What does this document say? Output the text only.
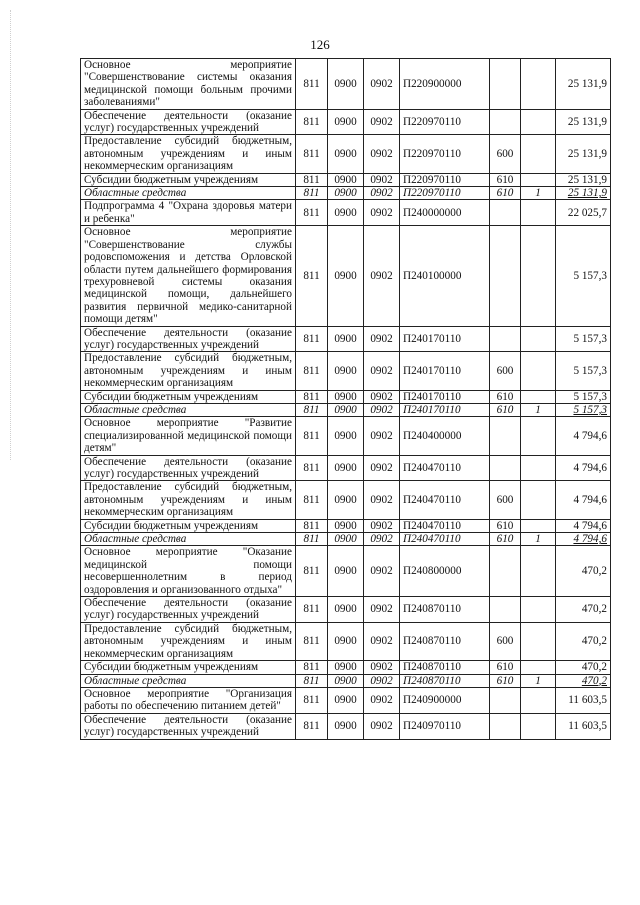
126
Основное мероприятие "Совершенствование системы оказания медицинской помощи больным прочими заболеваниями"	811	0900	0902	П220900000			25 131,9
Обеспечение деятельности (оказание услуг) государственных учреждений	811	0900	0902	П220970110			25 131,9
Предоставление субсидий бюджетным, автономным учреждениям и иным некоммерческим организациям	811	0900	0902	П220970110	600		25 131,9
Субсидии бюджетным учреждениям	811	0900	0902	П220970110	610		25 131,9
Областные средства	811	0900	0902	П220970110	610	1	25 131,9
Подпрограмма 4 "Охрана здоровья матери и ребенка"	811	0900	0902	П240000000			22 025,7
Основное мероприятие "Совершенствование службы родовспоможения и детства Орловской области путем дальнейшего формирования трехуровневой системы оказания медицинской помощи, дальнейшего развития первичной медико-санитарной помощи детям"	811	0900	0902	П240100000			5 157,3
Обеспечение деятельности (оказание услуг) государственных учреждений	811	0900	0902	П240170110			5 157,3
Предоставление субсидий бюджетным, автономным учреждениям и иным некоммерческим организациям	811	0900	0902	П240170110	600		5 157,3
Субсидии бюджетным учреждениям	811	0900	0902	П240170110	610		5 157,3
Областные средства	811	0900	0902	П240170110	610	1	5 157,3
Основное мероприятие "Развитие специализированной медицинской помощи детям"	811	0900	0902	П240400000			4 794,6
Обеспечение деятельности (оказание услуг) государственных учреждений	811	0900	0902	П240470110			4 794,6
Предоставление субсидий бюджетным, автономным учреждениям и иным некоммерческим организациям	811	0900	0902	П240470110	600		4 794,6
Субсидии бюджетным учреждениям	811	0900	0902	П240470110	610		4 794,6
Областные средства	811	0900	0902	П240470110	610	1	4 794,6
Основное мероприятие "Оказание медицинской помощи несовершеннолетним в период оздоровления и организованного отдыха"	811	0900	0902	П240800000			470,2
Обеспечение деятельности (оказание услуг) государственных учреждений	811	0900	0902	П240870110			470,2
Предоставление субсидий бюджетным, автономным учреждениям и иным некоммерческим организациям	811	0900	0902	П240870110	600		470,2
Субсидии бюджетным учреждениям	811	0900	0902	П240870110	610		470,2
Областные средства	811	0900	0902	П240870110	610	1	470,2
Основное мероприятие "Организация работы по обеспечению питанием детей"	811	0900	0902	П240900000			11 603,5
Обеспечение деятельности (оказание услуг) государственных учреждений	811	0900	0902	П240970110			11 603,5
